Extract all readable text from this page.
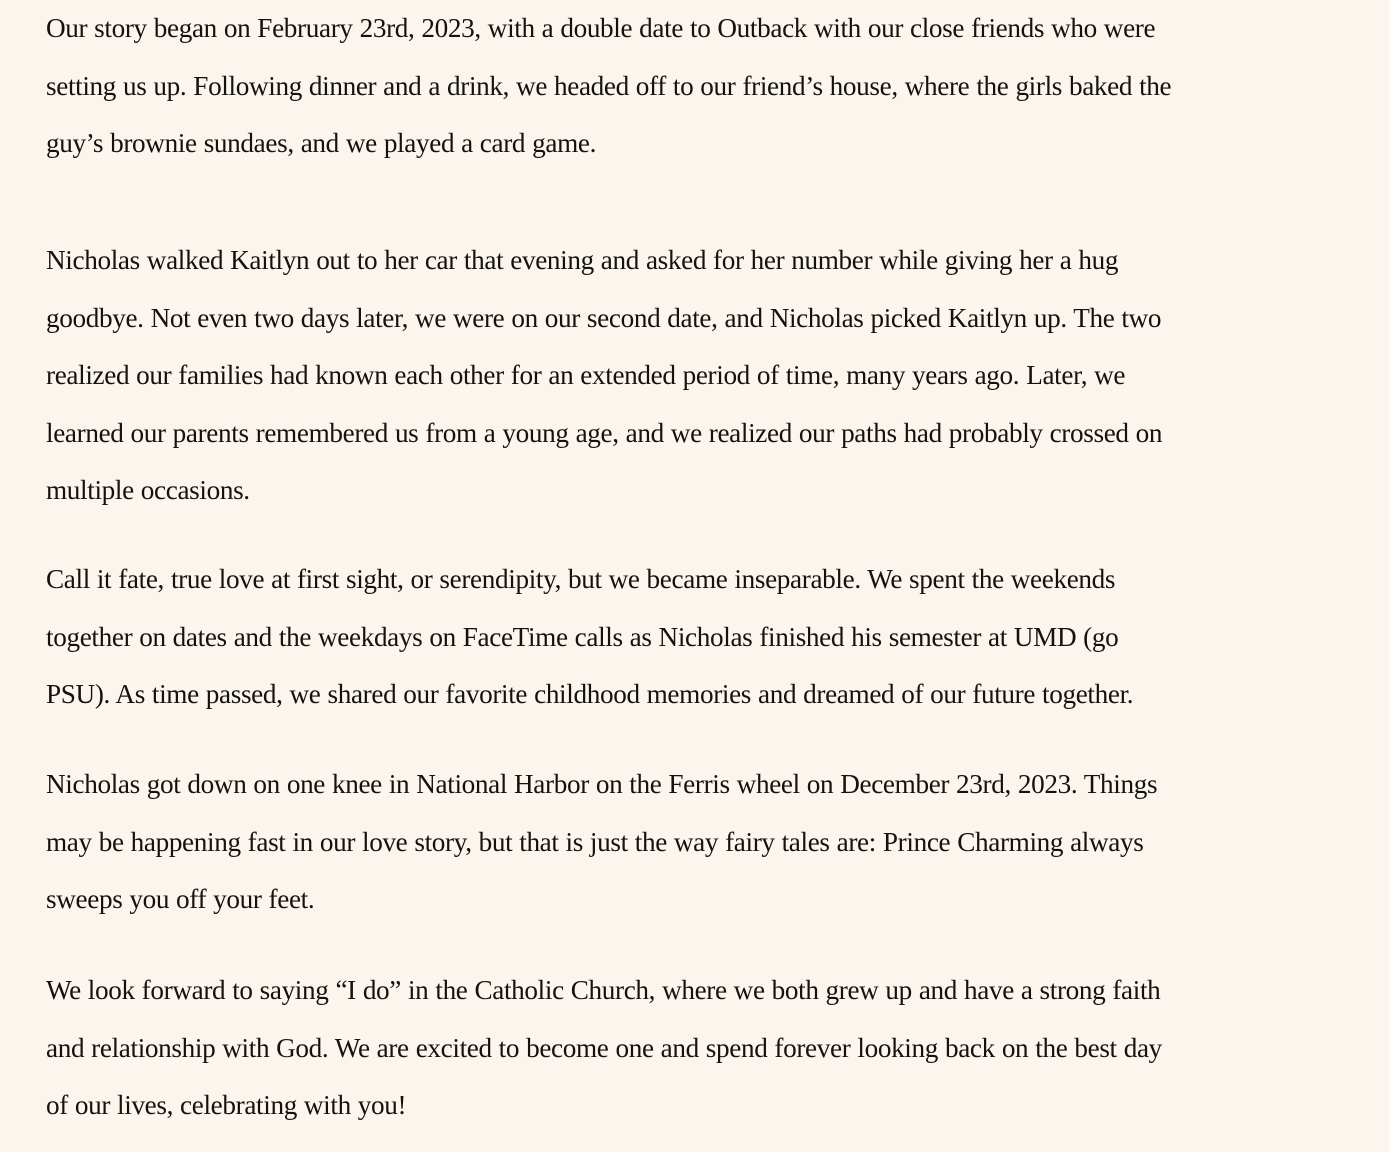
Our story began on February 23rd, 2023, with a double date to Outback with our close friends who were
setting us up. Following dinner and a drink, we headed off to our friend’s house, where the girls baked the
guy’s brownie sundaes, and we played a card game.

Nicholas walked Kaitlyn out to her car that evening and asked for her number while giving her a hug
goodbye. Not even two days later, we were on our second date, and Nicholas picked Kaitlyn up. The two
realized our families had known each other for an extended period of time, many years ago. Later, we
learned our parents remembered us from a young age, and we realized our paths had probably crossed on
multiple occasions.

Call it fate, true love at first sight, or serendipity, but we became inseparable. We spent the weekends
together on dates and the weekdays on FaceTime calls as Nicholas finished his semester at UMD (go
PSU). As time passed, we shared our favorite childhood memories and dreamed of our future together.

Nicholas got down on one knee in National Harbor on the Ferris wheel on December 23rd, 2023. Things
may be happening fast in our love story, but that is just the way fairy tales are: Prince Charming always
sweeps you off your feet.

We look forward to saying “I do” in the Catholic Church, where we both grew up and have a strong faith
and relationship with God. We are excited to become one and spend forever looking back on the best day
of our lives, celebrating with you!
